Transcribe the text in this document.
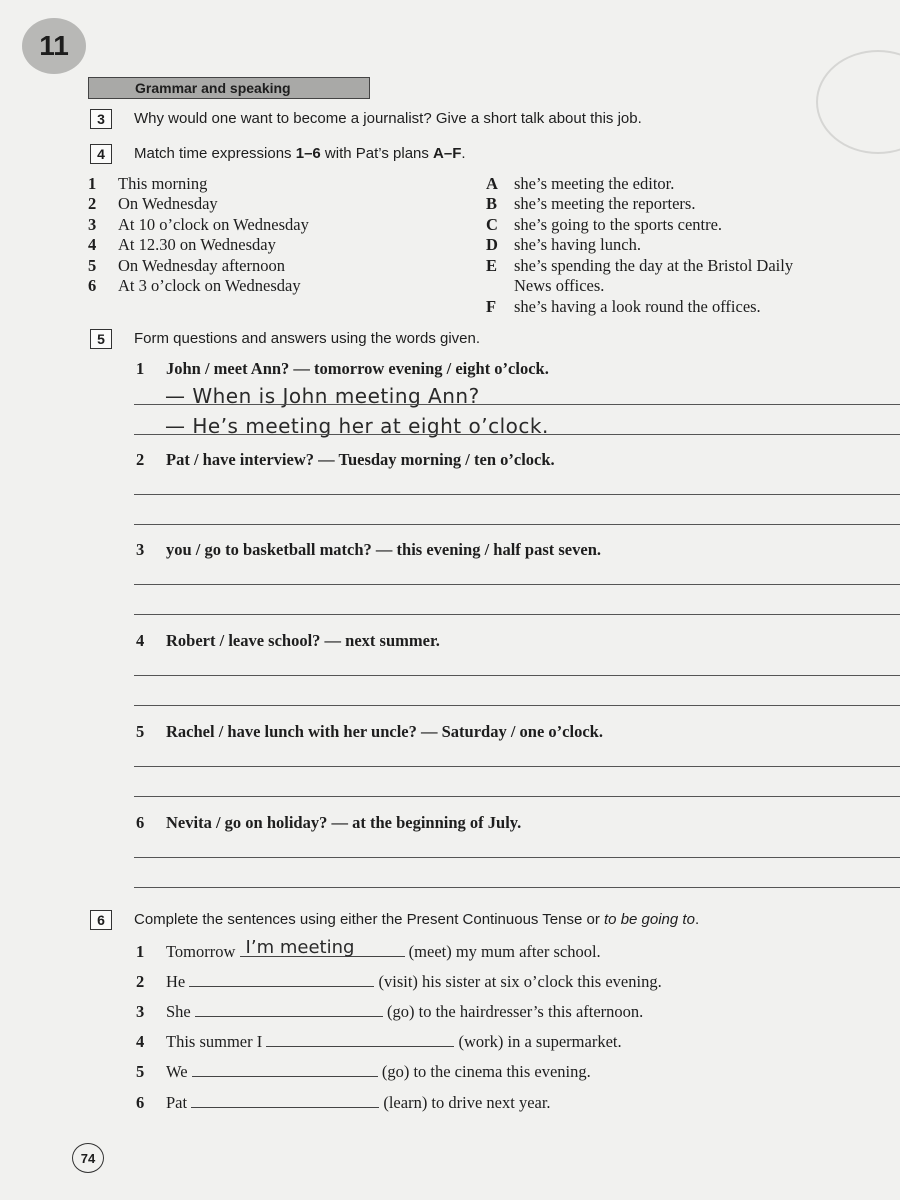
11
Grammar and speaking
3	Why would one want to become a journalist? Give a short talk about this job.
4	Match time expressions 1–6 with Pat’s plans A–F.
1 This morning
2 On Wednesday
3 At 10 o’clock on Wednesday
4 At 12.30 on Wednesday
5 On Wednesday afternoon
6 At 3 o’clock on Wednesday
A she’s meeting the editor.
B she’s meeting the reporters.
C she’s going to the sports centre.
D she’s having lunch.
E she’s spending the day at the Bristol Daily
News offices.
F she’s having a look round the offices.
5	Form questions and answers using the words given.
1 John / meet Ann? — tomorrow evening / eight o’clock.
— When is John meeting Ann?
— He’s meeting her at eight o’clock.
2 Pat / have interview? — Tuesday morning / ten o’clock.
3 you / go to basketball match? — this evening / half past seven.
4 Robert / leave school? — next summer.
5 Rachel / have lunch with her uncle? — Saturday / one o’clock.
6 Nevita / go on holiday? — at the beginning of July.
6	Complete the sentences using either the Present Continuous Tense or to be going to.
1 Tomorrow I’m meeting	(meet) my mum after school.
2 He	(visit) his sister at six o’clock this evening.
3 She	(go) to the hairdresser’s this afternoon.
4 This summer I	(work) in a supermarket.
5 We	(go) to the cinema this evening.
6 Pat	(learn) to drive next year.
74
